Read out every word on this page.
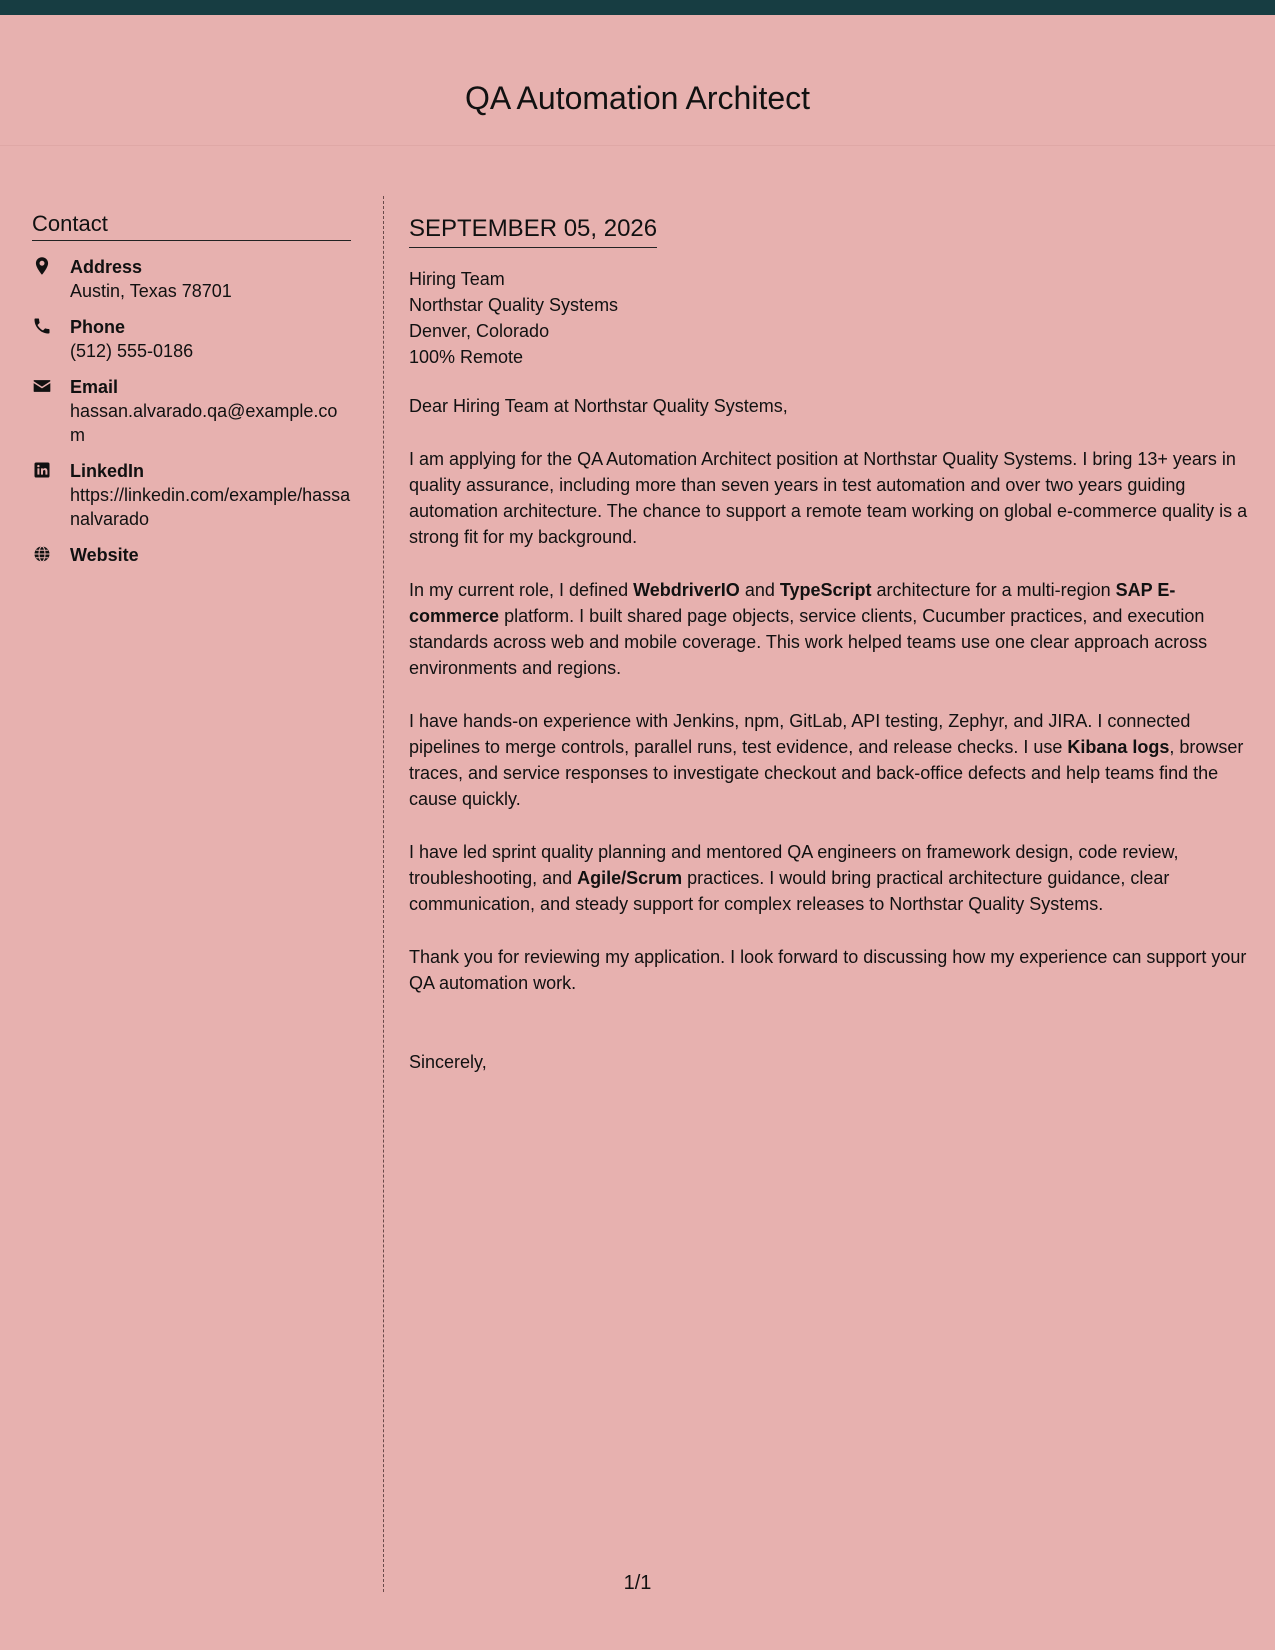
QA Automation Architect
Contact
Address
Austin, Texas 78701
Phone
(512) 555-0186
Email
hassan.alvarado.qa@example.com
LinkedIn
https://linkedin.com/example/hassanalvarado
Website
SEPTEMBER 05, 2026
Hiring Team
Northstar Quality Systems
Denver, Colorado
100% Remote

Dear Hiring Team at Northstar Quality Systems,

I am applying for the QA Automation Architect position at Northstar Quality Systems. I bring 13+ years in quality assurance, including more than seven years in test automation and over two years guiding automation architecture. The chance to support a remote team working on global e-commerce quality is a strong fit for my background.

In my current role, I defined WebdriverIO and TypeScript architecture for a multi-region SAP E-commerce platform. I built shared page objects, service clients, Cucumber practices, and execution standards across web and mobile coverage. This work helped teams use one clear approach across environments and regions.

I have hands-on experience with Jenkins, npm, GitLab, API testing, Zephyr, and JIRA. I connected pipelines to merge controls, parallel runs, test evidence, and release checks. I use Kibana logs, browser traces, and service responses to investigate checkout and back-office defects and help teams find the cause quickly.

I have led sprint quality planning and mentored QA engineers on framework design, code review, troubleshooting, and Agile/Scrum practices. I would bring practical architecture guidance, clear communication, and steady support for complex releases to Northstar Quality Systems.

Thank you for reviewing my application. I look forward to discussing how my experience can support your QA automation work.

Sincerely,

1/1
